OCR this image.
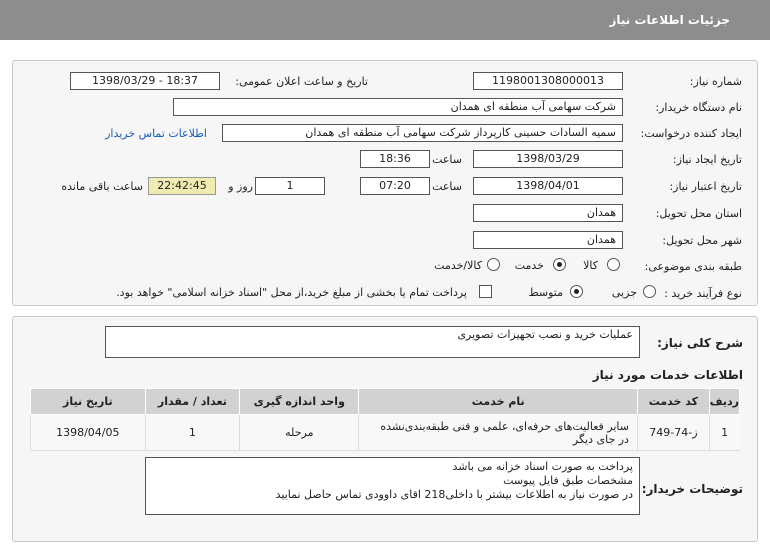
جزئیات اطلاعات نیاز
شماره نیاز:
1198001308000013
تاریخ و ساعت اعلان عمومی:
1398/03/29 - 18:37
نام دستگاه خریدار:
شرکت سهامی آب منطقه ای همدان
ایجاد کننده درخواست:
سمیه السادات حسینی کارپرداز شرکت سهامی آب منطقه ای همدان
اطلاعات تماس خریدار
تاریخ ایجاد نیاز:
1398/03/29
ساعت
18:36
تاریخ اعتبار نیاز:
1398/04/01
ساعت
07:20
1
روز و
22:42:45
ساعت باقی مانده
استان محل تحویل:
همدان
شهر محل تحویل:
همدان
طبقه بندی موضوعی:
کالا
خدمت
کالا/خدمت
نوع فرآیند خرید :
جزیی
متوسط
پرداخت تمام یا بخشی از مبلغ خرید،از محل "اسناد خزانه اسلامی" خواهد بود.
شرح کلی نیاز:
عملیات خرید و نصب تجهیزات تصویری
اطلاعات خدمات مورد نیاز
ردیف	کد خدمت	نام خدمت	واحد اندازه گیری	تعداد / مقدار	تاریخ نیاز
1	ز-74-749	سایر فعالیت‌های حرفه‌ای، علمی و فنی طبقه‌بندی‌نشده در جای دیگر	مرحله	1	1398/04/05
توضیحات خریدار:
پرداخت به صورت اسناد خزانه می باشد
مشخصات طبق فایل پیوست
در صورت نیاز به اطلاعات بیشتر با داخلی218 اقای داوودی تماس حاصل نمایید
